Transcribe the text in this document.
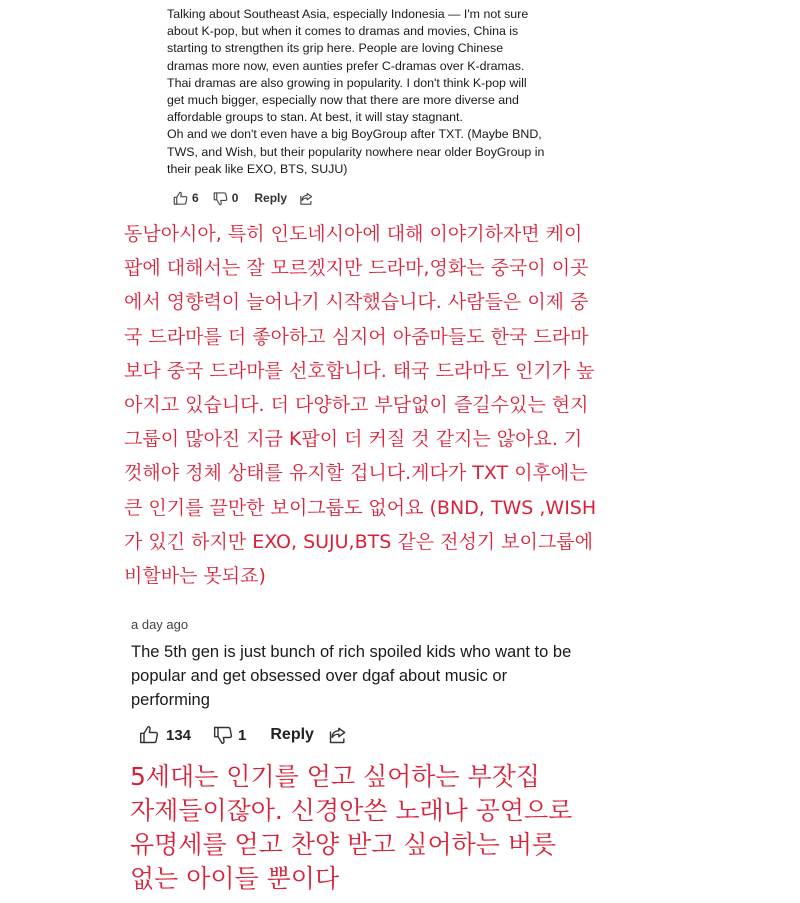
Talking about Southeast Asia, especially Indonesia — I'm not sure
about K-pop, but when it comes to dramas and movies, China is
starting to strengthen its grip here. People are loving Chinese
dramas more now, even aunties prefer C-dramas over K-dramas.
Thai dramas are also growing in popularity. I don't think K-pop will
get much bigger, especially now that there are more diverse and
affordable groups to stan. At best, it will stay stagnant.
Oh and we don't even have a big BoyGroup after TXT. (Maybe BND,
TWS, and Wish, but their popularity nowhere near older BoyGroup in
their peak like EXO, BTS, SUJU)

6	0 Reply

동남아시아, 특히 인도네시아에 대해 이야기하자면 케이
팝에 대해서는 잘 모르겠지만 드라마,영화는 중국이 이곳
에서 영향력이 늘어나기 시작했습니다. 사람들은 이제 중
국 드라마를 더 좋아하고 심지어 아줌마들도 한국 드라마
보다 중국 드라마를 선호합니다. 태국 드라마도 인기가 높
아지고 있습니다. 더 다양하고 부담없이 즐길수있는 현지
그룹이 많아진 지금 K팝이 더 커질 것 같지는 않아요. 기
껏해야 정체 상태를 유지할 겁니다.게다가 TXT 이후에는
큰 인기를 끌만한 보이그룹도 없어요 (BND, TWS ,WISH
가 있긴 하지만 EXO, SUJU,BTS 같은 전성기 보이그룹에
비할바는 못되죠)

a day ago

The 5th gen is just bunch of rich spoiled kids who want to be
popular and get obsessed over dgaf about music or
performing

134	1 Reply

5세대는 인기를 얻고 싶어하는 부잣집
자제들이잖아. 신경안쓴 노래나 공연으로
유명세를 얻고 찬양 받고 싶어하는 버릇
없는 아이들 뿐이다
